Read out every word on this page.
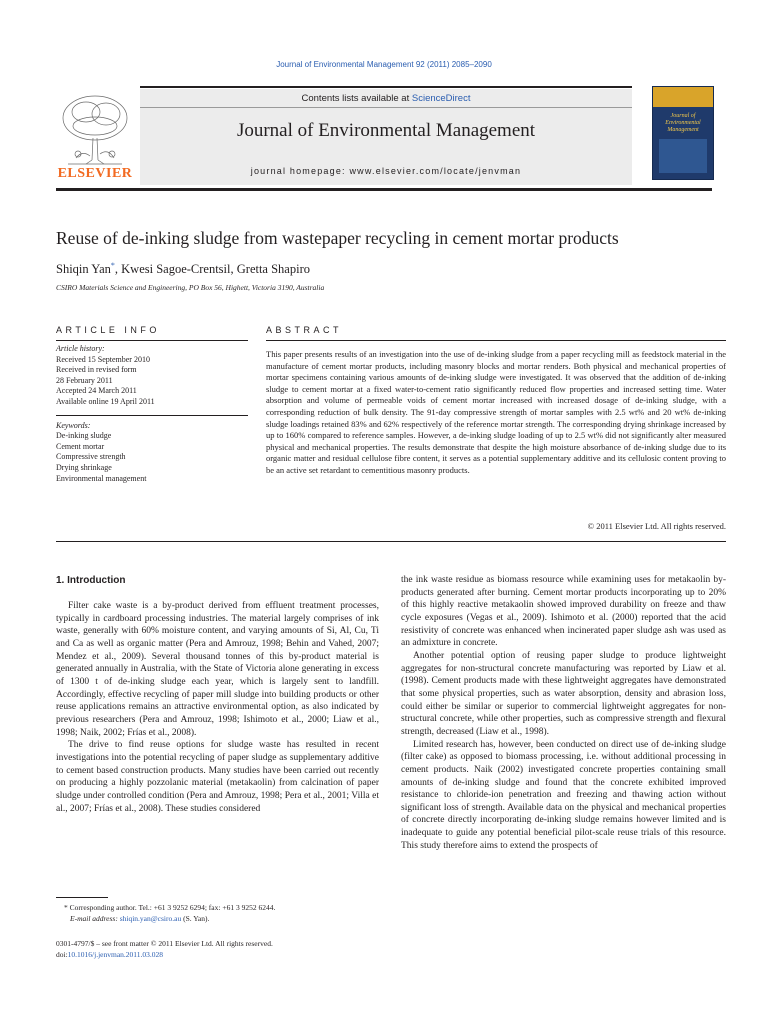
Journal of Environmental Management 92 (2011) 2085–2090
Contents lists available at ScienceDirect
Journal of Environmental Management
journal homepage: www.elsevier.com/locate/jenvman
ELSEVIER
Journal of Environmental Management
Reuse of de-inking sludge from wastepaper recycling in cement mortar products
Shiqin Yan*, Kwesi Sagoe-Crentsil, Gretta Shapiro
CSIRO Materials Science and Engineering, PO Box 56, Highett, Victoria 3190, Australia
ARTICLE INFO	ABSTRACT
Article history:
Received 15 September 2010
Received in revised form
28 February 2011
Accepted 24 March 2011
Available online 19 April 2011
Keywords:
De-inking sludge
Cement mortar
Compressive strength
Drying shrinkage
Environmental management
This paper presents results of an investigation into the use of de-inking sludge from a paper recycling mill as feedstock material in the manufacture of cement mortar products, including masonry blocks and mortar renders. Both physical and mechanical properties of mortar specimens containing various amounts of de-inking sludge were investigated. It was observed that the addition of de-inking sludge to cement mortar at a fixed water-to-cement ratio significantly reduced flow properties and increased setting time. Water absorption and volume of permeable voids of cement mortar increased with increased dosage of de-inking sludge, with a corresponding reduction of bulk density. The 91-day compressive strength of mortar samples with 2.5 wt% and 20 wt% de-inking sludge loadings retained 83% and 62% respectively of the reference mortar strength. The corresponding drying shrinkage increased by up to 160% compared to reference samples. However, a de-inking sludge loading of up to 2.5 wt% did not significantly alter measured physical and mechanical properties. The results demonstrate that despite the high moisture absorbance of de-inking sludge due to its organic matter and residual cellulose fibre content, it serves as a potential supplementary additive and its cellulosic content proving to be an active set retardant to cementitious masonry products.
© 2011 Elsevier Ltd. All rights reserved.
1. Introduction

Filter cake waste is a by-product derived from effluent treatment processes, typically in cardboard processing industries. The material largely comprises of ink waste, generally with 60% moisture content, and varying amounts of Si, Al, Cu, Ti and Ca as well as organic matter (Pera and Amrouz, 1998; Behin and Vahed, 2007; Mendez et al., 2009). Several thousand tonnes of this by-product material is generated annually in Australia, with the State of Victoria alone generating in excess of 1300 t of de-inking sludge each year, which is largely sent to landfill. Accordingly, effective recycling of paper mill sludge into building products or other reuse applications remains an attractive environmental option, as also indicated by previous researchers (Pera and Amrouz, 1998; Ishimoto et al., 2000; Liaw et al., 1998; Naik, 2002; Frías et al., 2008).

The drive to find reuse options for sludge waste has resulted in recent investigations into the potential recycling of paper sludge as supplementary additive to cement based construction products. Many studies have been carried out recently on producing a highly pozzolanic material (metakaolin) from calcination of paper sludge under controlled condition (Pera and Amrouz, 1998; Pera et al., 2001; Villa et al., 2007; Frías et al., 2008). These studies considered

the ink waste residue as biomass resource while examining uses for metakaolin by-products generated after burning. Cement mortar products incorporating up to 20% of this highly reactive metakaolin showed improved durability on freeze and thaw cycle exposures (Vegas et al., 2009). Ishimoto et al. (2000) reported that the acid resistivity of concrete was enhanced when incinerated paper sludge ash was used as an admixture in concrete.

Another potential option of reusing paper sludge to produce lightweight aggregates for non-structural concrete manufacturing was reported by Liaw et al. (1998). Cement products made with these lightweight aggregates have demonstrated that some physical properties, such as water absorption, density and abrasion loss, could either be similar or superior to commercial lightweight aggregates for non-structural concrete, while other properties, such as compressive strength and flexural strength, decreased (Liaw et al., 1998).

Limited research has, however, been conducted on direct use of de-inking sludge (filter cake) as opposed to biomass processing, i.e. without additional processing in cement products. Naik (2002) investigated concrete properties containing small amounts of de-inking sludge and found that the concrete exhibited improved resistance to chloride-ion penetration and freezing and thawing action without significant loss of strength. Available data on the physical and mechanical properties of concrete directly incorporating de-inking sludge remains however limited and is inadequate to guide any potential beneficial pilot-scale reuse trials of this resource. This study therefore aims to extend the prospects of

* Corresponding author. Tel.: +61 3 9252 6294; fax: +61 3 9252 6244.
E-mail address: shiqin.yan@csiro.au (S. Yan).
0301-4797/$ – see front matter © 2011 Elsevier Ltd. All rights reserved.
doi:10.1016/j.jenvman.2011.03.028
